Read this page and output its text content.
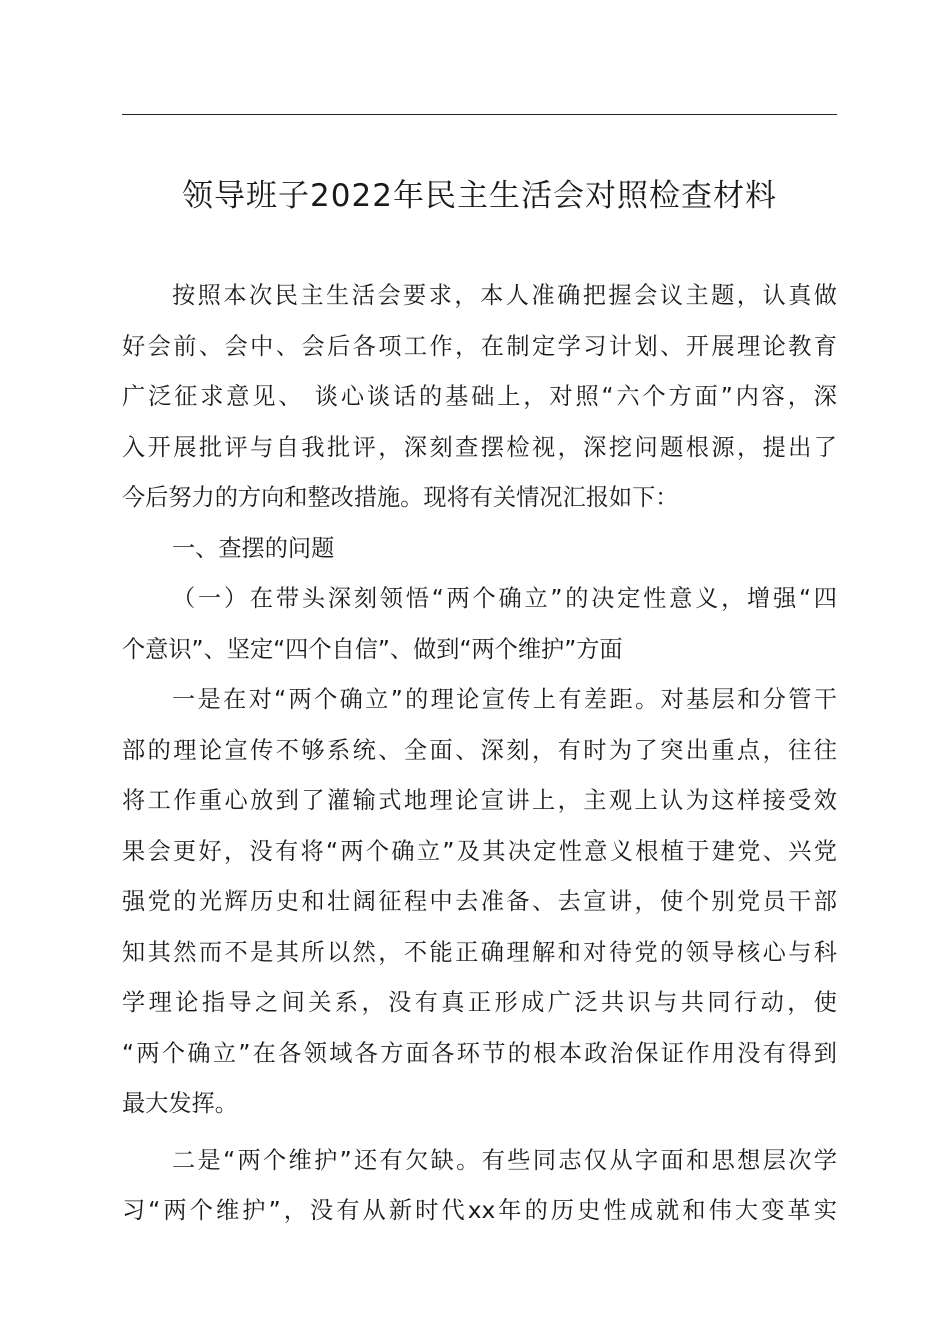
领导班子2022年民主生活会对照检查材料
按照本次民主生活会要求，本人准确把握会议主题，认真做
好会前、会中、会后各项工作，在制定学习计划、开展理论教育
广泛征求意见、 谈心谈话的基础上，对照“六个方面”内容，深
入开展批评与自我批评，深刻查摆检视，深挖问题根源，提出了
今后努力的方向和整改措施。现将有关情况汇报如下：
一、查摆的问题
（一）在带头深刻领悟“两个确立”的决定性意义，增强“四
个意识”、坚定“四个自信”、做到“两个维护”方面
一是在对“两个确立”的理论宣传上有差距。对基层和分管干
部的理论宣传不够系统、全面、深刻，有时为了突出重点，往往
将工作重心放到了灌输式地理论宣讲上，主观上认为这样接受效
果会更好，没有将“两个确立”及其决定性意义根植于建党、兴党
强党的光辉历史和壮阔征程中去准备、去宣讲，使个别党员干部
知其然而不是其所以然，不能正确理解和对待党的领导核心与科
学理论指导之间关系，没有真正形成广泛共识与共同行动，使
“两个确立”在各领域各方面各环节的根本政治保证作用没有得到
最大发挥。
二是“两个维护”还有欠缺。有些同志仅从字面和思想层次学
习“两个维护”，没有从新时代xx年的历史性成就和伟大变革实
